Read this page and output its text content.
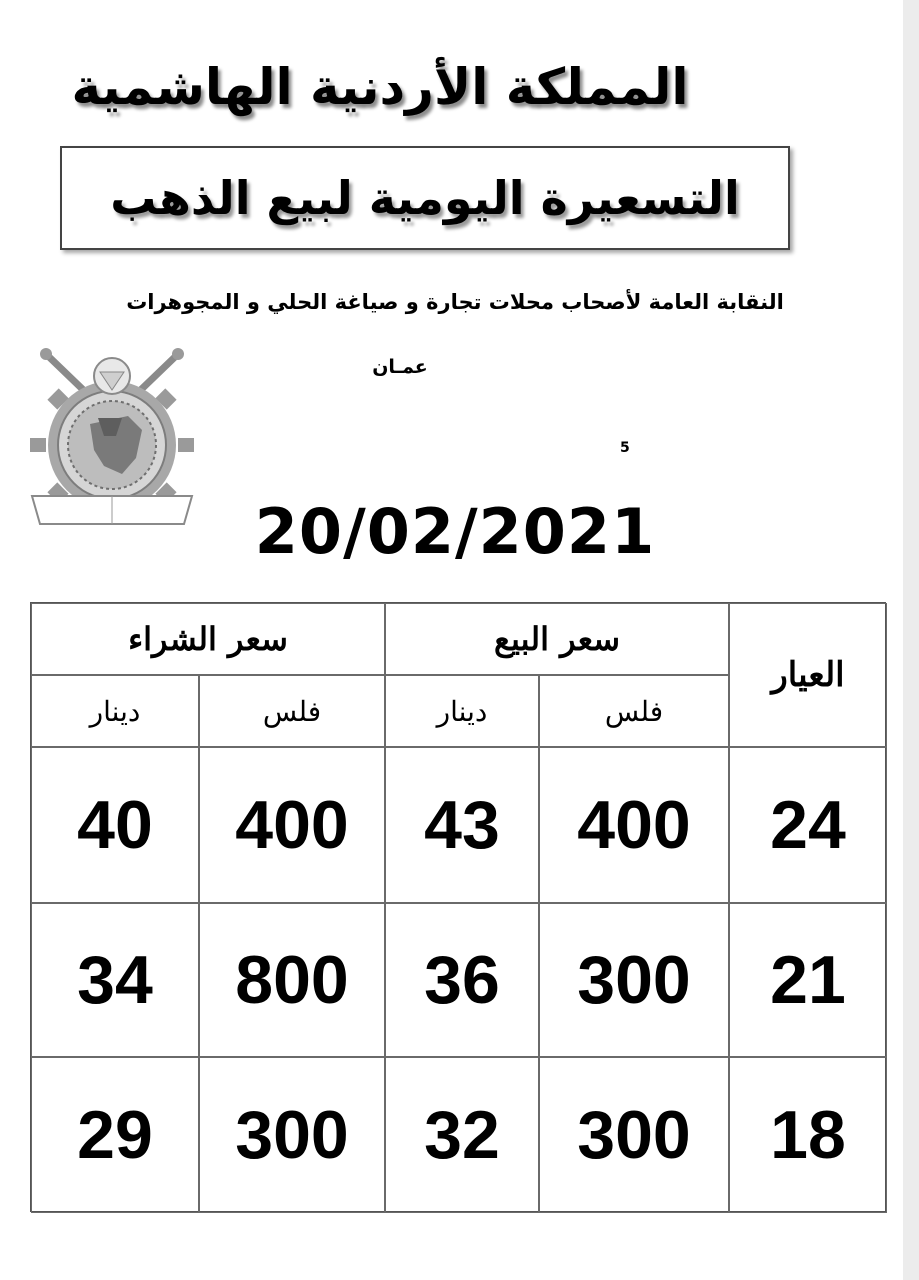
المملكة الأردنية الهاشمية
التسعيرة اليومية لبيع الذهب
النقابة العامة لأصحاب محلات تجارة و صياغة الحلي و المجوهرات
عمـان
5
20/02/2021
العيار
سعر البيع
سعر الشراء
فلس
دينار
فلس
دينار
24
400
43
400
40
21
300
36
800
34
18
300
32
300
29
